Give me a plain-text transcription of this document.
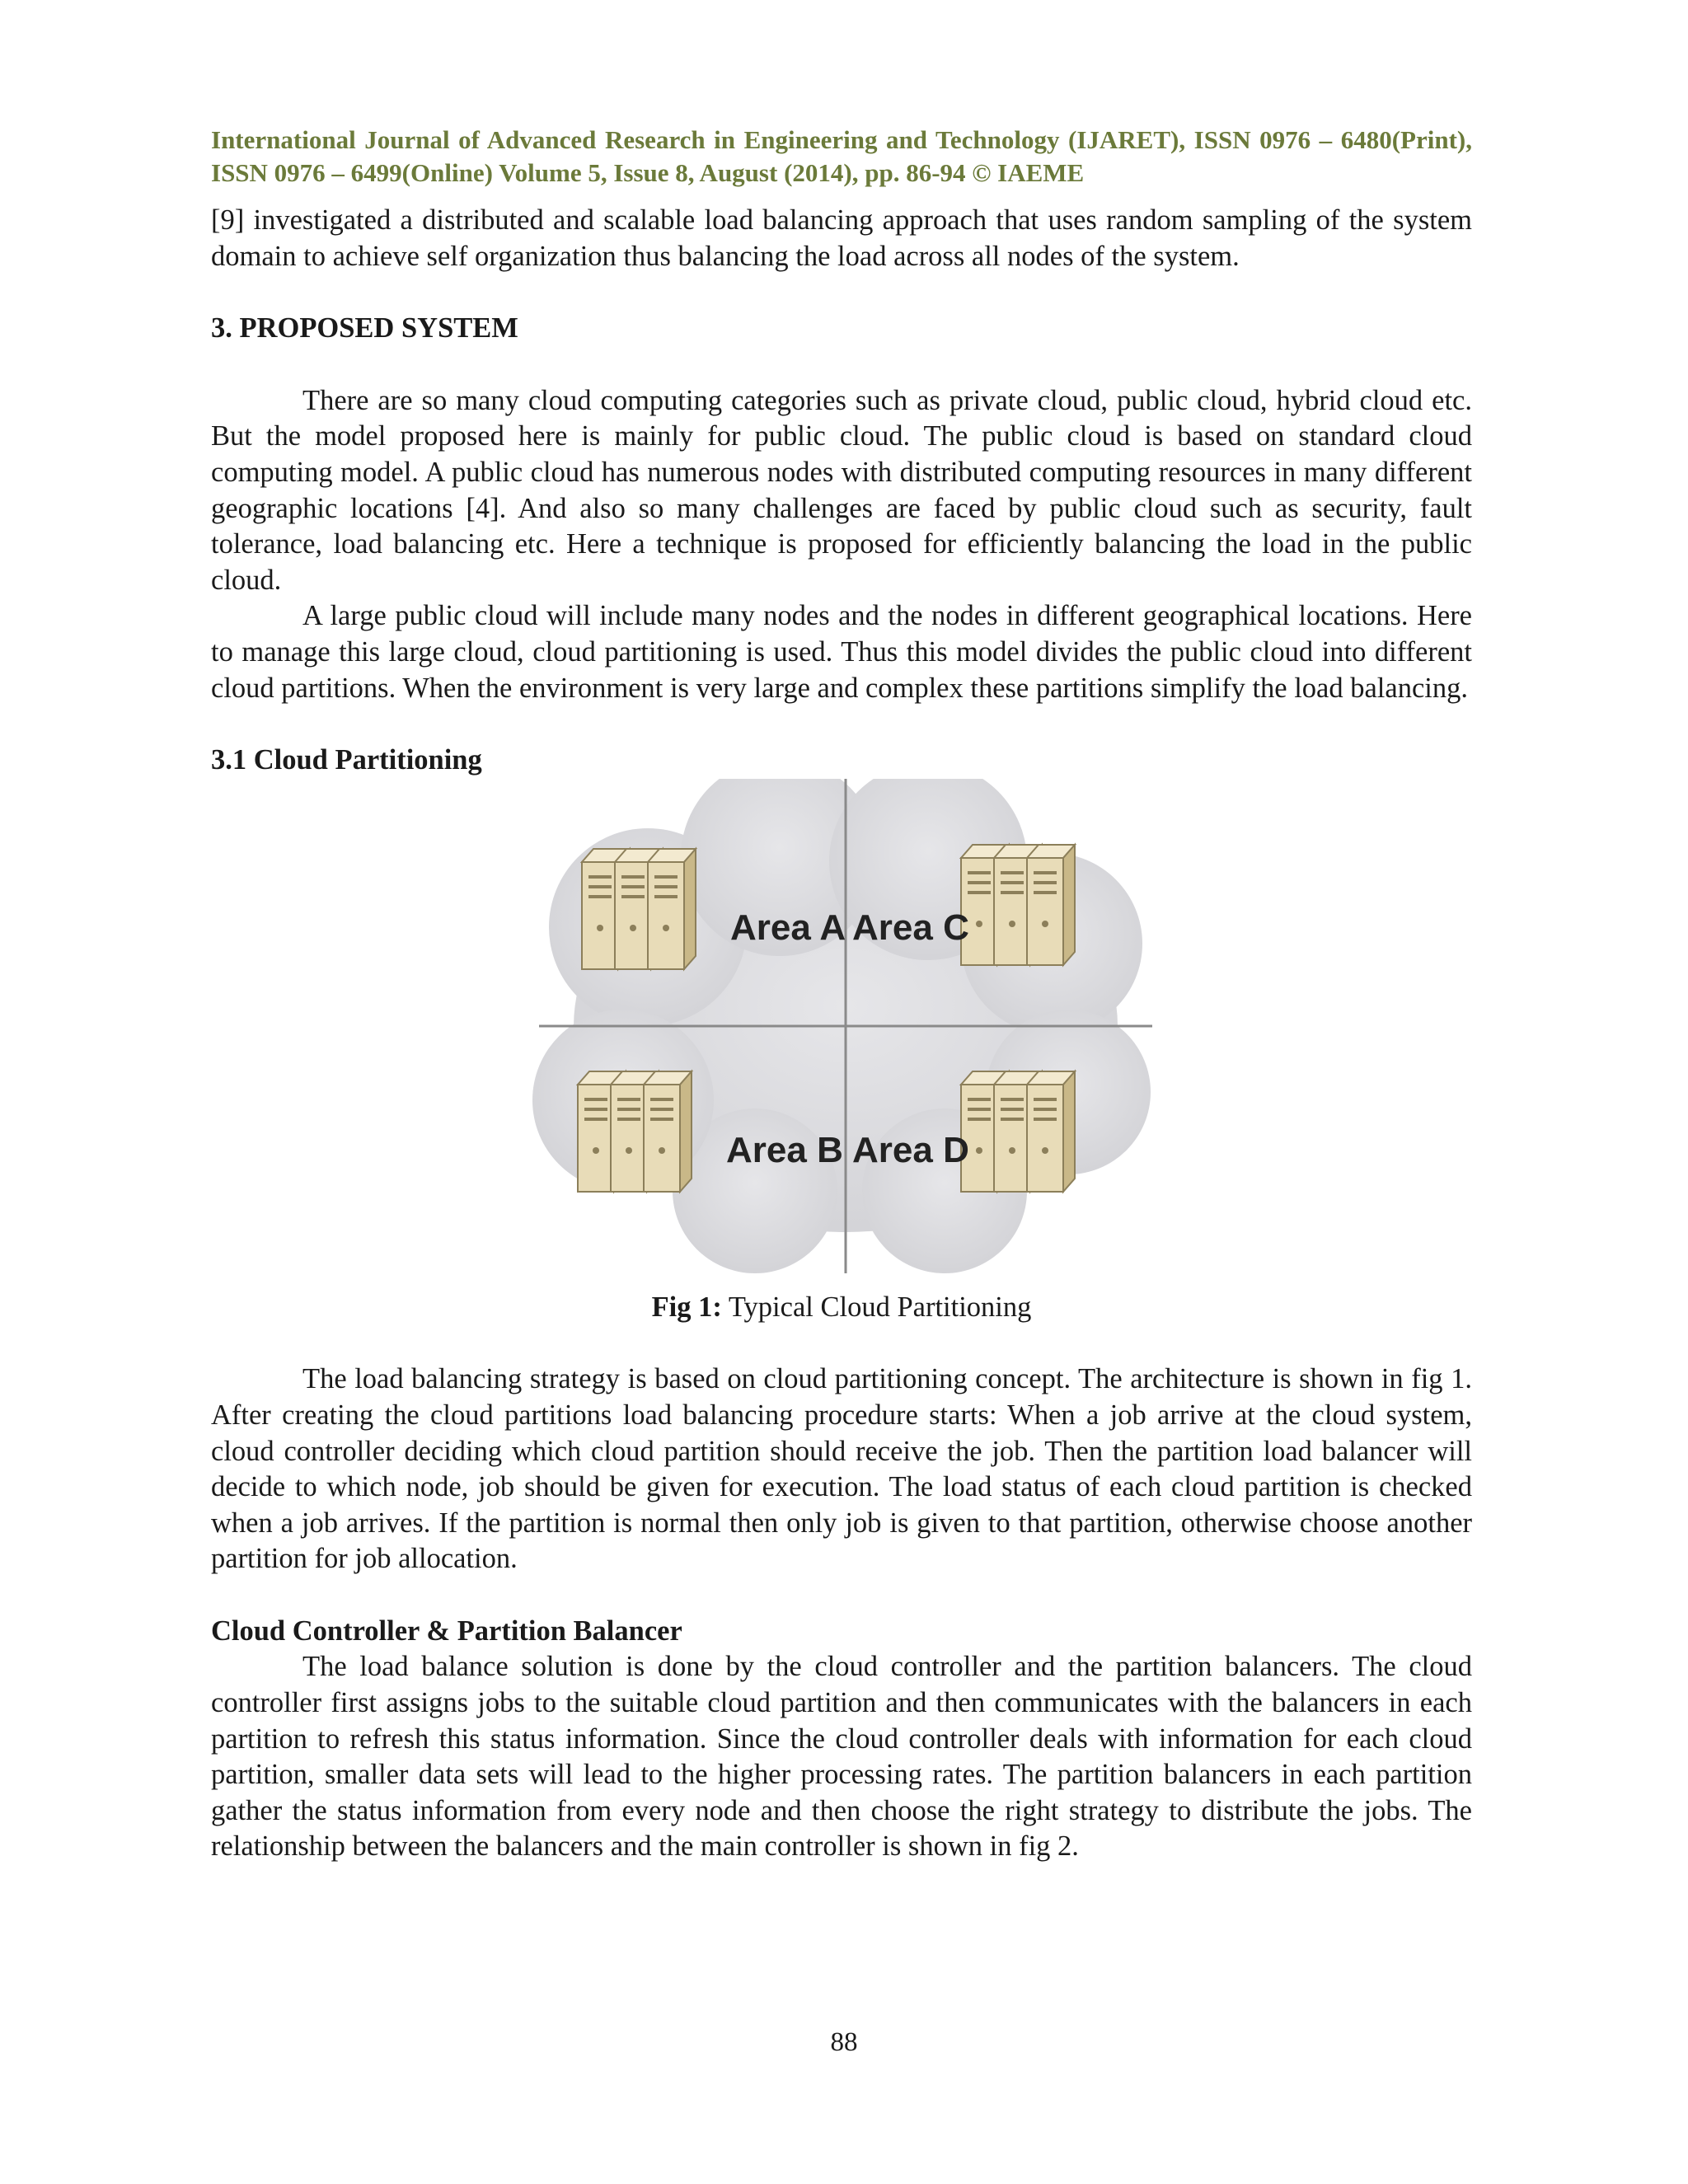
International Journal of Advanced Research in Engineering and Technology (IJARET), ISSN 0976 – 6480(Print), ISSN 0976 – 6499(Online) Volume 5, Issue 8, August (2014), pp. 86-94 © IAEME

[9] investigated a distributed and scalable load balancing approach that uses random sampling of the system domain to achieve self organization thus balancing the load across all nodes of the system.

3. PROPOSED SYSTEM

There are so many cloud computing categories such as private cloud, public cloud, hybrid cloud etc. But the model proposed here is mainly for public cloud. The public cloud is based on standard cloud computing model. A public cloud has numerous nodes with distributed computing resources in many different geographic locations [4]. And also so many challenges are faced by public cloud such as security, fault tolerance, load balancing etc. Here a technique is proposed for efficiently balancing the load in the public cloud.

A large public cloud will include many nodes and the nodes in different geographical locations. Here to manage this large cloud, cloud partitioning is used. Thus this model divides the public cloud into different cloud partitions. When the environment is very large and complex these partitions simplify the load balancing.

3.1 Cloud Partitioning
Area A Area C
Area B Area D
Fig 1: Typical Cloud Partitioning

The load balancing strategy is based on cloud partitioning concept. The architecture is shown in fig 1. After creating the cloud partitions load balancing procedure starts: When a job arrive at the cloud system, cloud controller deciding which cloud partition should receive the job. Then the partition load balancer will decide to which node, job should be given for execution. The load status of each cloud partition is checked when a job arrives. If the partition is normal then only job is given to that partition, otherwise choose another partition for job allocation.

Cloud Controller & Partition Balancer

The load balance solution is done by the cloud controller and the partition balancers. The cloud controller first assigns jobs to the suitable cloud partition and then communicates with the balancers in each partition to refresh this status information. Since the cloud controller deals with information for each cloud partition, smaller data sets will lead to the higher processing rates. The partition balancers in each partition gather the status information from every node and then choose the right strategy to distribute the jobs. The relationship between the balancers and the main controller is shown in fig 2.

88
